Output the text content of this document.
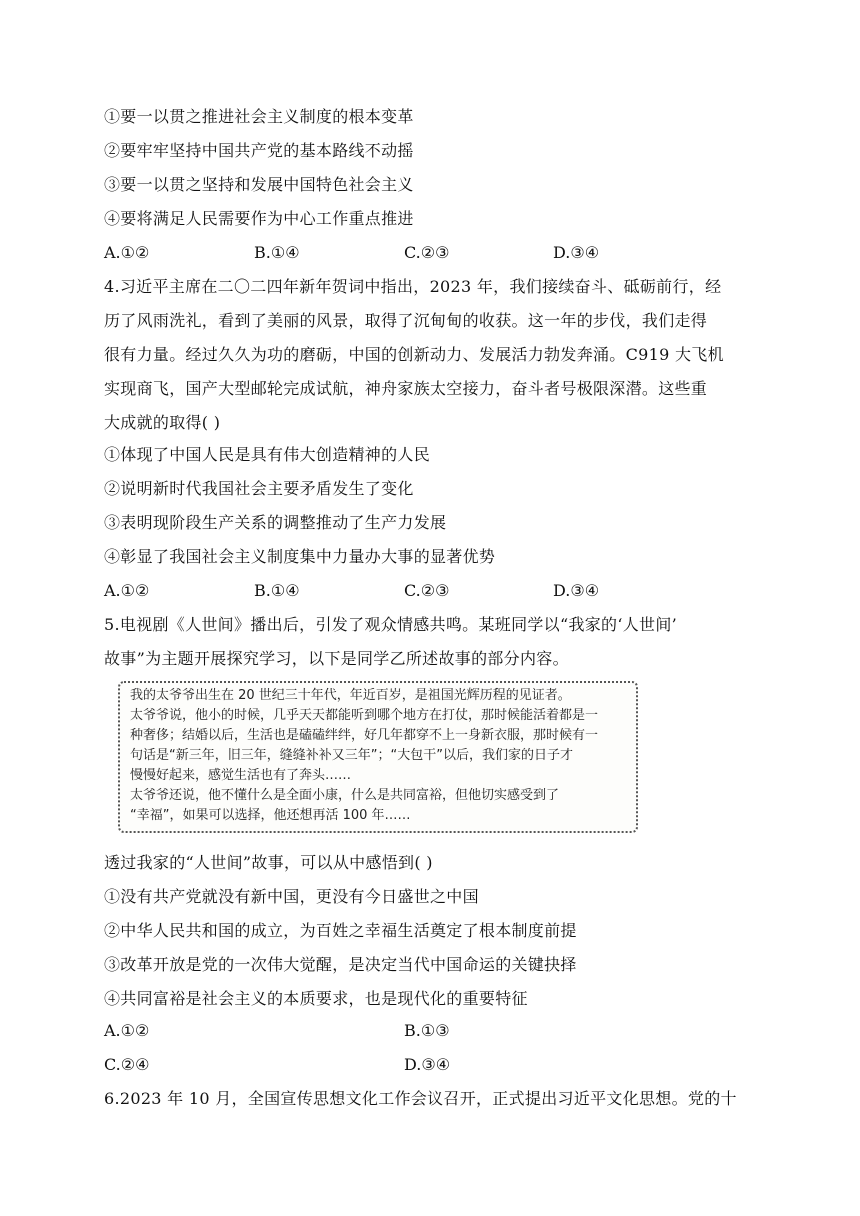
①要一以贯之推进社会主义制度的根本变革
②要牢牢坚持中国共产党的基本路线不动摇
③要一以贯之坚持和发展中国特色社会主义
④要将满足人民需要作为中心工作重点推进
A.①②	B.①④	C.②③	D.③④
4.习近平主席在二〇二四年新年贺词中指出，2023 年，我们接续奋斗、砥砺前行，经
历了风雨洗礼，看到了美丽的风景，取得了沉甸甸的收获。这一年的步伐，我们走得
很有力量。经过久久为功的磨砺，中国的创新动力、发展活力勃发奔涌。C919 大飞机
实现商飞，国产大型邮轮完成试航，神舟家族太空接力，奋斗者号极限深潜。这些重
大成就的取得( )
①体现了中国人民是具有伟大创造精神的人民
②说明新时代我国社会主要矛盾发生了变化
③表明现阶段生产关系的调整推动了生产力发展
④彰显了我国社会主义制度集中力量办大事的显著优势
A.①②	B.①④	C.②③	D.③④
5.电视剧《人世间》播出后，引发了观众情感共鸣。某班同学以“我家的‘人世间’
故事”为主题开展探究学习，以下是同学乙所述故事的部分内容。
我的太爷爷出生在 20 世纪三十年代，年近百岁，是祖国光辉历程的见证者。
太爷爷说，他小的时候，几乎天天都能听到哪个地方在打仗，那时候能活着都是一
种奢侈；结婚以后，生活也是磕磕绊绊，好几年都穿不上一身新衣服，那时候有一
句话是“新三年，旧三年，缝缝补补又三年”；“大包干”以后，我们家的日子才
慢慢好起来，感觉生活也有了奔头……
太爷爷还说，他不懂什么是全面小康，什么是共同富裕，但他切实感受到了
“幸福”，如果可以选择，他还想再活 100 年……
透过我家的“人世间”故事，可以从中感悟到( )
①没有共产党就没有新中国，更没有今日盛世之中国
②中华人民共和国的成立，为百姓之幸福生活奠定了根本制度前提
③改革开放是党的一次伟大觉醒，是决定当代中国命运的关键抉择
④共同富裕是社会主义的本质要求，也是现代化的重要特征
A.①②	B.①③
C.②④	D.③④
6.2023 年 10 月，全国宣传思想文化工作会议召开，正式提出习近平文化思想。党的十
